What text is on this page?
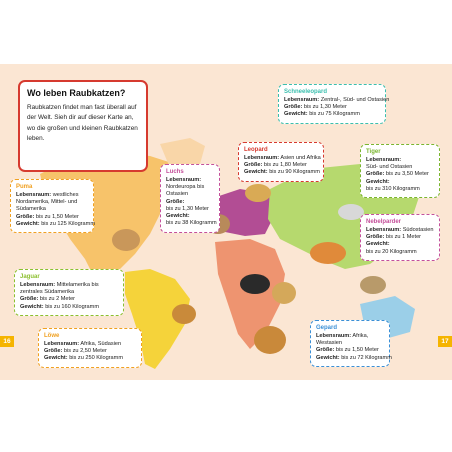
Wo leben Raubkatzen?
Raubkatzen findet man fast überall auf der Welt. Sieh dir auf dieser Karte an, wo die großen und kleinen Raubkatzen leben.
Puma
Lebensraum: westliches Nordamerika, Mittel- und Südamerika
Größe: bis zu 1,50 Meter
Gewicht: bis zu 125 Kilogramm
Luchs
Lebensraum:
Nordeuropa bis Ostasien
Größe:
bis zu 1,30 Meter
Gewicht:
bis zu 38 Kilogramm
Leopard
Lebensraum: Asien und Afrika
Größe: bis zu 1,80 Meter
Gewicht: bis zu 90 Kilogramm
Schneeleopard
Lebensraum: Zentral-, Süd- und Ostasien
Größe: bis zu 1,30 Meter
Gewicht: bis zu 75 Kilogramm
Tiger
Lebensraum:
Süd- und Ostasien
Größe: bis zu 3,50 Meter
Gewicht:
bis zu 310 Kilogramm
Nebelparder
Lebensraum: Südostasien
Größe: bis zu 1 Meter
Gewicht:
bis zu 20 Kilogramm
Jaguar
Lebensraum: Mittelamerika bis zentrales Südamerika
Größe: bis zu 2 Meter
Gewicht: bis zu 160 Kilogramm
Löwe
Lebensraum: Afrika, Südasien
Größe: bis zu 2,50 Meter
Gewicht: bis zu 250 Kilogramm
Gepard
Lebensraum: Afrika, Westasien
Größe: bis zu 1,50 Meter
Gewicht: bis zu 72 Kilogramm
16	17
